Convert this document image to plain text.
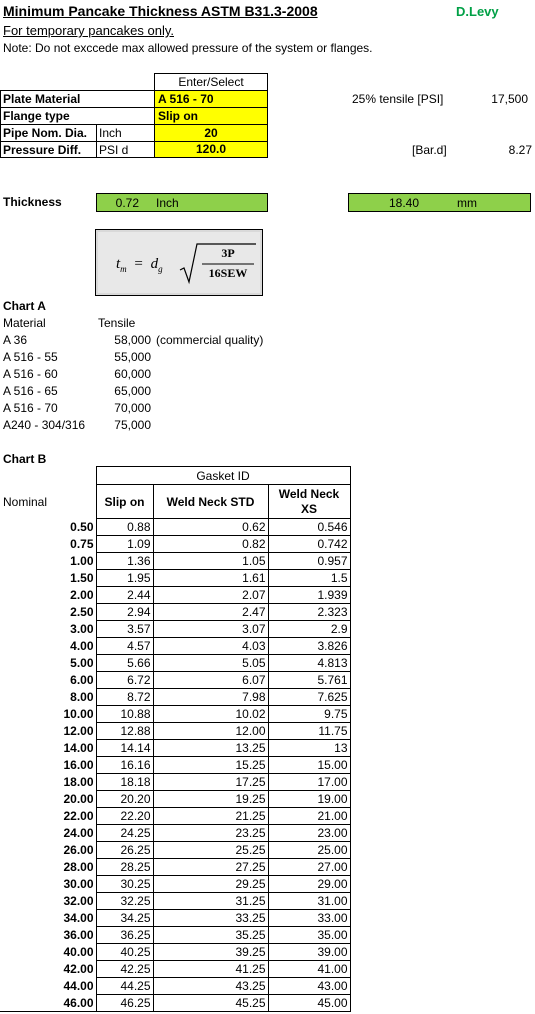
Minimum Pancake Thickness ASTM B31.3-2008	D.Levy
For temporary pancakes only.
Note: Do not exccede max allowed pressure of the system or flanges.
Enter/Select
Plate Material	A 516 - 70
Flange type	Slip on
Pipe Nom. Dia. Inch	20
Pressure Diff. PSI d	120.0
25% tensile [PSI]	17,500
[Bar.d]	8.27
Thickness	0.72 Inch	18.40	mm
$t_m = d_g$
3P
16SEW
Chart A
Material	Tensile
A 36	58,000 (commercial quality)
A 516 - 55	55,000
A 516 - 60	60,000
A 516 - 65	65,000
A 516 - 70	70,000
A240 - 304/316	75,000
Chart B
	Gasket ID		
Nominal	Slip on	Weld Neck STD	Weld Neck XS
0.50	0.88	0.62	0.546
0.75	1.09	0.82	0.742
1.00	1.36	1.05	0.957
1.50	1.95	1.61	1.5
2.00	2.44	2.07	1.939
2.50	2.94	2.47	2.323
3.00	3.57	3.07	2.9
4.00	4.57	4.03	3.826
5.00	5.66	5.05	4.813
6.00	6.72	6.07	5.761
8.00	8.72	7.98	7.625
10.00	10.88	10.02	9.75
12.00	12.88	12.00	11.75
14.00	14.14	13.25	13
16.00	16.16	15.25	15.00
18.00	18.18	17.25	17.00
20.00	20.20	19.25	19.00
22.00	22.20	21.25	21.00
24.00	24.25	23.25	23.00
26.00	26.25	25.25	25.00
28.00	28.25	27.25	27.00
30.00	30.25	29.25	29.00
32.00	32.25	31.25	31.00
34.00	34.25	33.25	33.00
36.00	36.25	35.25	35.00
40.00	40.25	39.25	39.00
42.00	42.25	41.25	41.00
44.00	44.25	43.25	43.00
46.00	46.25	45.25	45.00
